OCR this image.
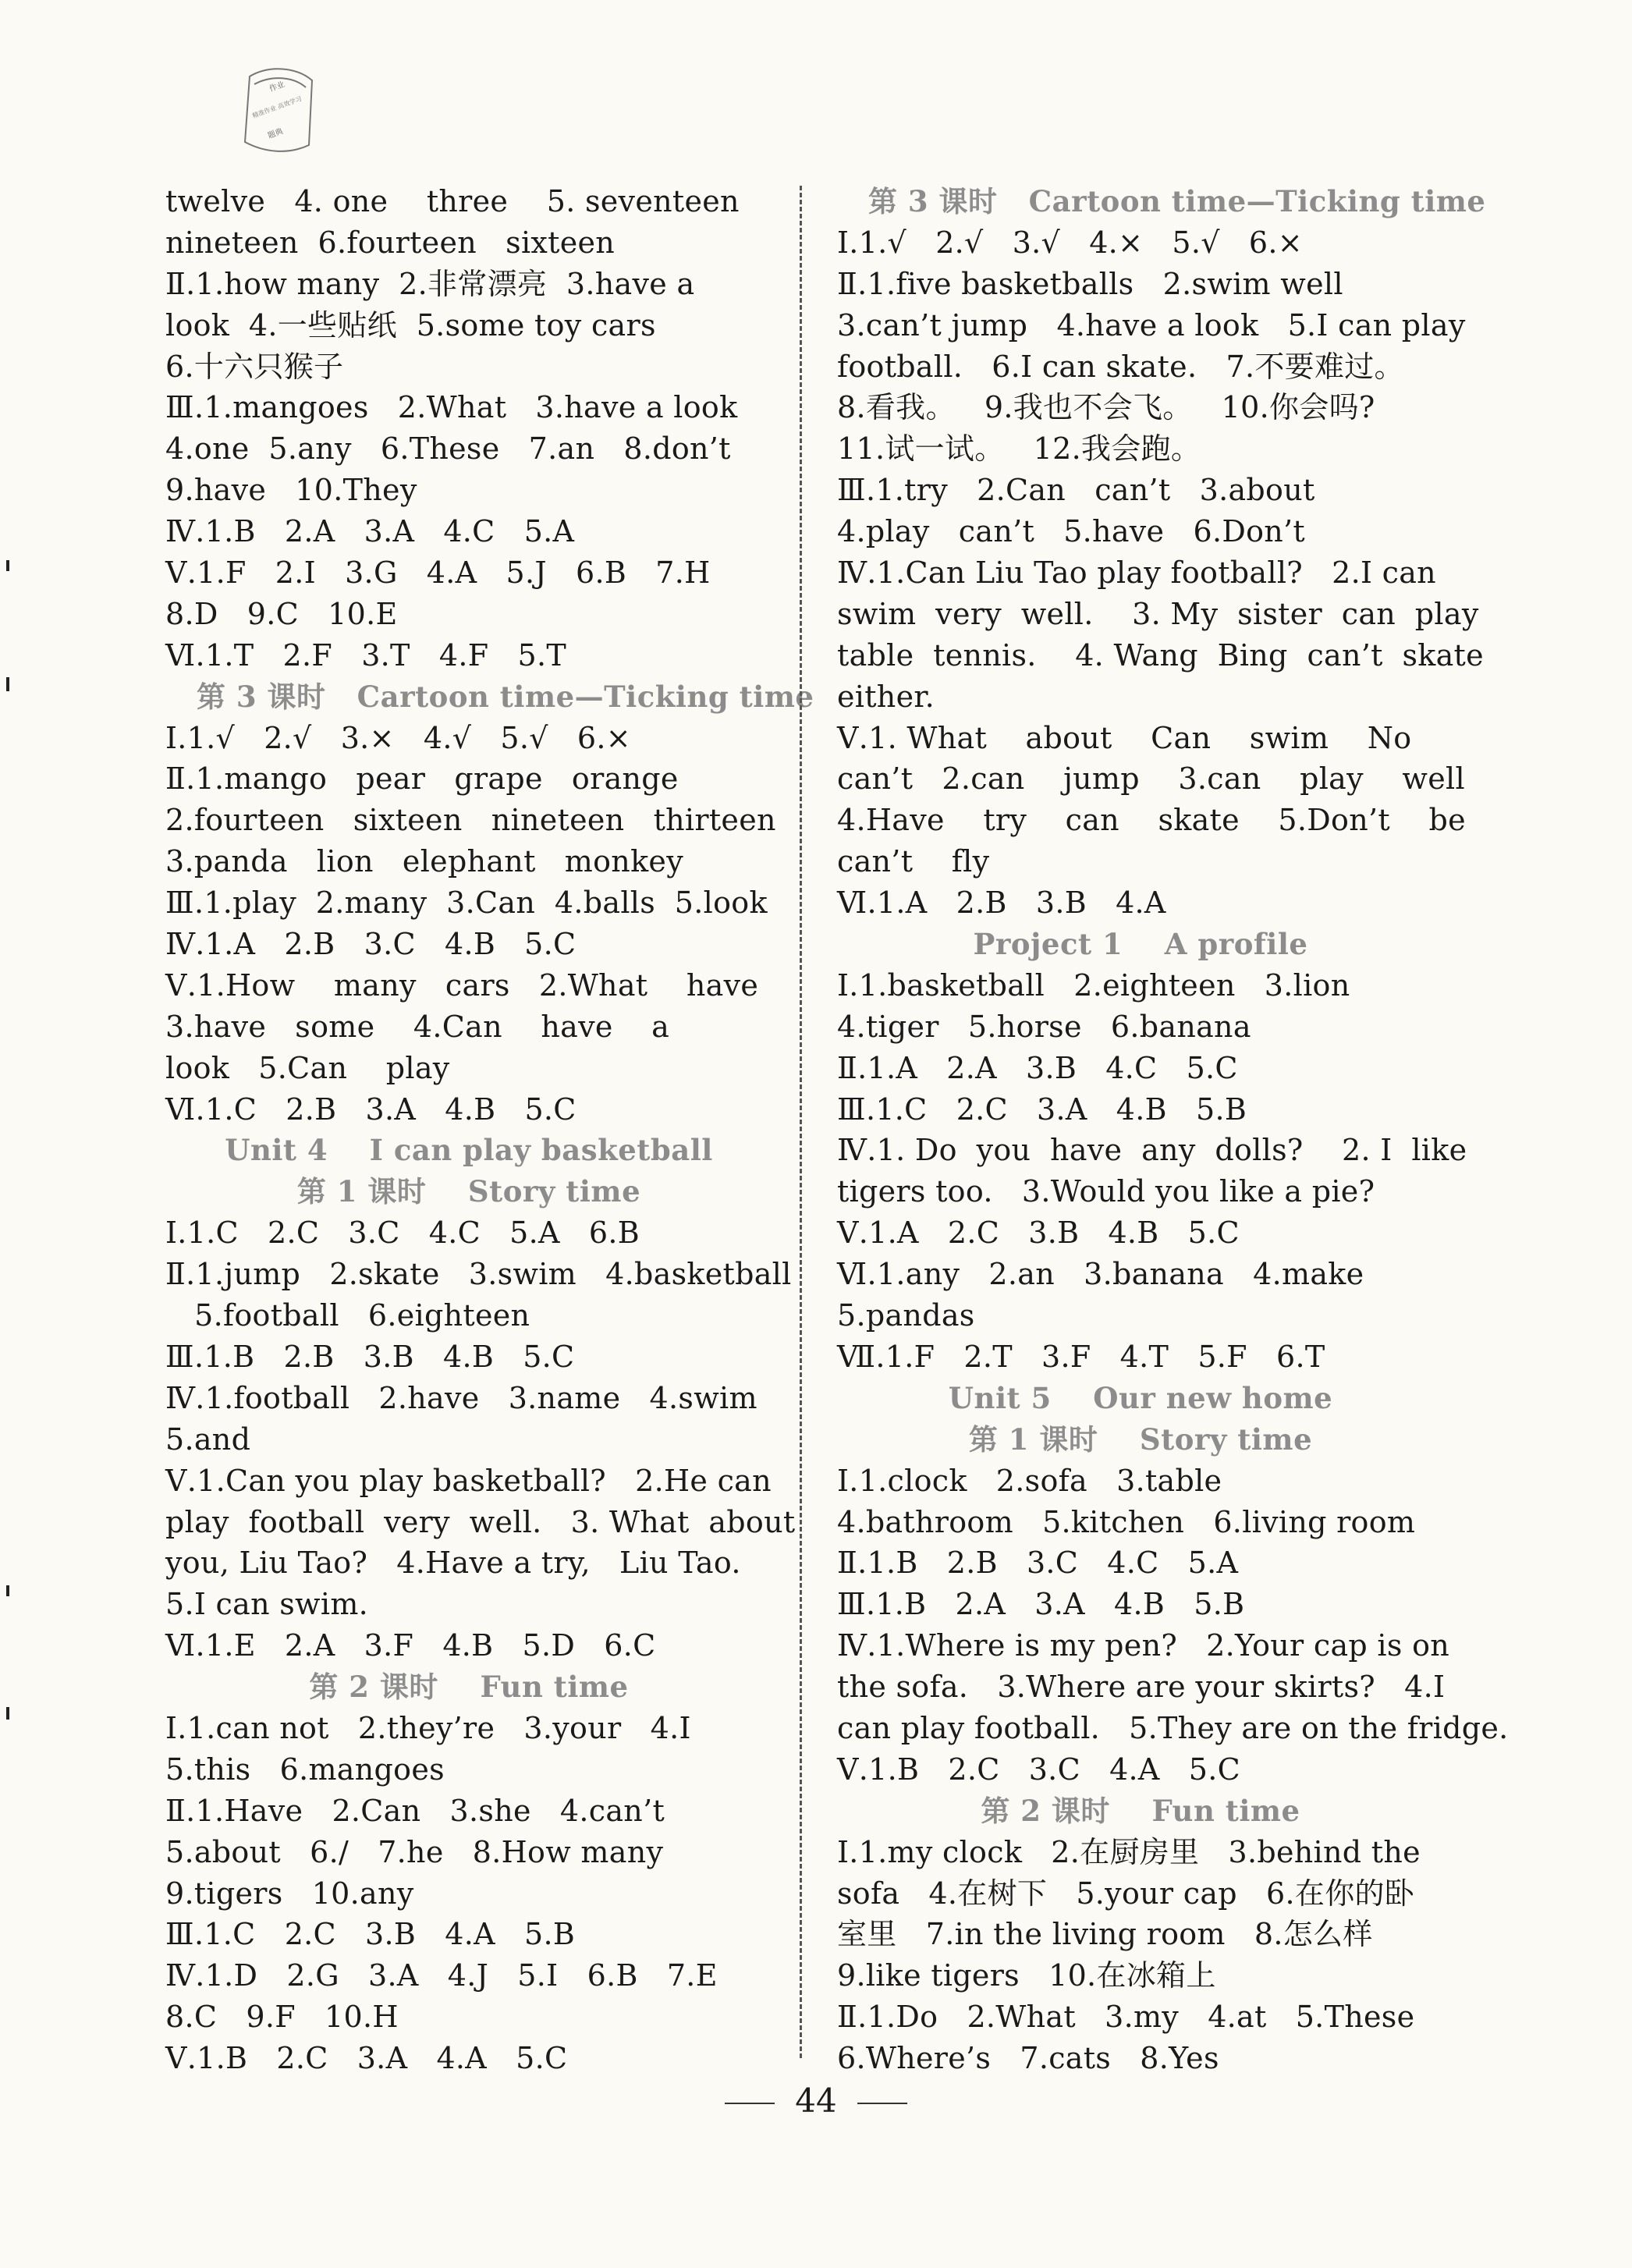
作业
精准作业 高效学习
题典
twelve   4. one    three    5. seventeen
nineteen  6.fourteen   sixteen
Ⅱ.1.how many  2.非常漂亮  3.have a
look  4.一些贴纸  5.some toy cars
6.十六只猴子
Ⅲ.1.mangoes   2.What   3.have a look
4.one  5.any   6.These   7.an   8.don’t
9.have   10.They
Ⅳ.1.B   2.A   3.A   4.C   5.A
Ⅴ.1.F   2.I   3.G   4.A   5.J   6.B   7.H
8.D   9.C   10.E
Ⅵ.1.T   2.F   3.T   4.F   5.T
第 3 课时   Cartoon time—Ticking time
Ⅰ.1.√   2.√   3.×   4.√   5.√   6.×
Ⅱ.1.mango   pear   grape   orange
2.fourteen   sixteen   nineteen   thirteen
3.panda   lion   elephant   monkey
Ⅲ.1.play  2.many  3.Can  4.balls  5.look
Ⅳ.1.A   2.B   3.C   4.B   5.C
Ⅴ.1.How    many   cars   2.What    have
3.have   some    4.Can    have    a
look   5.Can    play
Ⅵ.1.C   2.B   3.A   4.B   5.C
Unit 4    I can play basketball
第 1 课时    Story time
Ⅰ.1.C   2.C   3.C   4.C   5.A   6.B
Ⅱ.1.jump   2.skate   3.swim   4.basketball
5.football   6.eighteen
Ⅲ.1.B   2.B   3.B   4.B   5.C
Ⅳ.1.football   2.have   3.name   4.swim
5.and
Ⅴ.1.Can you play basketball?   2.He can
play  football  very  well.   3. What  about
you, Liu Tao?   4.Have a try,   Liu Tao.
5.I can swim.
Ⅵ.1.E   2.A   3.F   4.B   5.D   6.C
第 2 课时    Fun time
Ⅰ.1.can not   2.they’re   3.your   4.I
5.this   6.mangoes
Ⅱ.1.Have   2.Can   3.she   4.can’t
5.about   6./   7.he   8.How many
9.tigers   10.any
Ⅲ.1.C   2.C   3.B   4.A   5.B
Ⅳ.1.D   2.G   3.A   4.J   5.I   6.B   7.E
8.C   9.F   10.H
Ⅴ.1.B   2.C   3.A   4.A   5.C
第 3 课时   Cartoon time—Ticking time
Ⅰ.1.√   2.√   3.√   4.×   5.√   6.×
Ⅱ.1.five basketballs   2.swim well
3.can’t jump   4.have a look   5.I can play
football.   6.I can skate.   7.不要难过。
8.看我。   9.我也不会飞。   10.你会吗?
11.试一试。   12.我会跑。
Ⅲ.1.try   2.Can   can’t   3.about
4.play   can’t   5.have   6.Don’t
Ⅳ.1.Can Liu Tao play football?   2.I can
swim  very  well.    3. My  sister  can  play
table  tennis.    4. Wang  Bing  can’t  skate
either.
Ⅴ.1. What    about    Can    swim    No
can’t   2.can    jump    3.can    play    well
4.Have    try    can    skate    5.Don’t    be
can’t    fly
Ⅵ.1.A   2.B   3.B   4.A
Project 1    A profile
Ⅰ.1.basketball   2.eighteen   3.lion
4.tiger   5.horse   6.banana
Ⅱ.1.A   2.A   3.B   4.C   5.C
Ⅲ.1.C   2.C   3.A   4.B   5.B
Ⅳ.1. Do  you  have  any  dolls?    2. I  like
tigers too.   3.Would you like a pie?
Ⅴ.1.A   2.C   3.B   4.B   5.C
Ⅵ.1.any   2.an   3.banana   4.make
5.pandas
Ⅶ.1.F   2.T   3.F   4.T   5.F   6.T
Unit 5    Our new home
第 1 课时    Story time
Ⅰ.1.clock   2.sofa   3.table
4.bathroom   5.kitchen   6.living room
Ⅱ.1.B   2.B   3.C   4.C   5.A
Ⅲ.1.B   2.A   3.A   4.B   5.B
Ⅳ.1.Where is my pen?   2.Your cap is on
the sofa.   3.Where are your skirts?   4.I
can play football.   5.They are on the fridge.
Ⅴ.1.B   2.C   3.C   4.A   5.C
第 2 课时    Fun time
Ⅰ.1.my clock   2.在厨房里   3.behind the
sofa   4.在树下   5.your cap   6.在你的卧
室里   7.in the living room   8.怎么样
9.like tigers   10.在冰箱上
Ⅱ.1.Do   2.What   3.my   4.at   5.These
6.Where’s   7.cats   8.Yes
44
